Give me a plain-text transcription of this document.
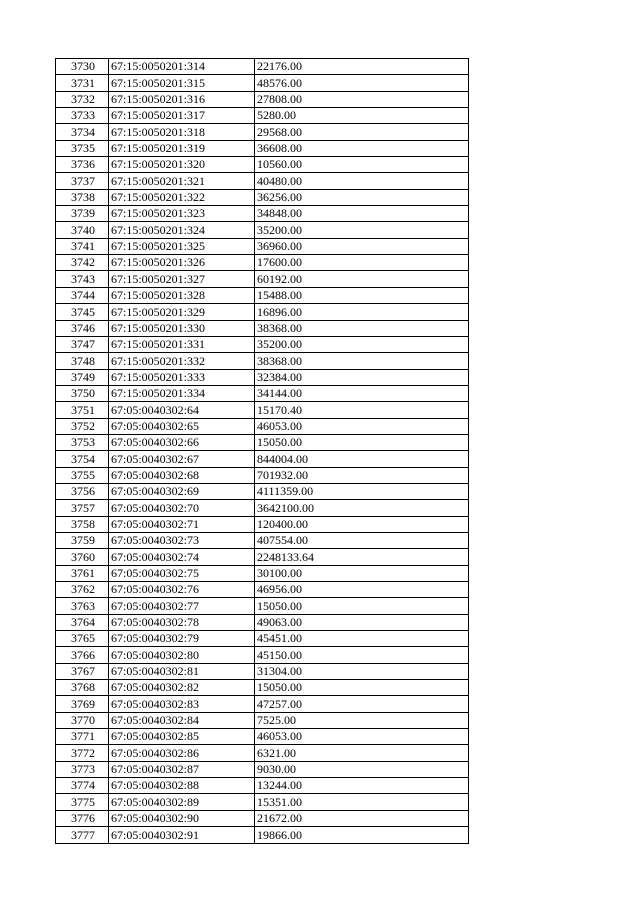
3730	67:15:0050201:314	22176.00
3731	67:15:0050201:315	48576.00
3732	67:15:0050201:316	27808.00
3733	67:15:0050201:317	5280.00
3734	67:15:0050201:318	29568.00
3735	67:15:0050201:319	36608.00
3736	67:15:0050201:320	10560.00
3737	67:15:0050201:321	40480.00
3738	67:15:0050201:322	36256.00
3739	67:15:0050201:323	34848.00
3740	67:15:0050201:324	35200.00
3741	67:15:0050201:325	36960.00
3742	67:15:0050201:326	17600.00
3743	67:15:0050201:327	60192.00
3744	67:15:0050201:328	15488.00
3745	67:15:0050201:329	16896.00
3746	67:15:0050201:330	38368.00
3747	67:15:0050201:331	35200.00
3748	67:15:0050201:332	38368.00
3749	67:15:0050201:333	32384.00
3750	67:15:0050201:334	34144.00
3751	67:05:0040302:64	15170.40
3752	67:05:0040302:65	46053.00
3753	67:05:0040302:66	15050.00
3754	67:05:0040302:67	844004.00
3755	67:05:0040302:68	701932.00
3756	67:05:0040302:69	4111359.00
3757	67:05:0040302:70	3642100.00
3758	67:05:0040302:71	120400.00
3759	67:05:0040302:73	407554.00
3760	67:05:0040302:74	2248133.64
3761	67:05:0040302:75	30100.00
3762	67:05:0040302:76	46956.00
3763	67:05:0040302:77	15050.00
3764	67:05:0040302:78	49063.00
3765	67:05:0040302:79	45451.00
3766	67:05:0040302:80	45150.00
3767	67:05:0040302:81	31304.00
3768	67:05:0040302:82	15050.00
3769	67:05:0040302:83	47257.00
3770	67:05:0040302:84	7525.00
3771	67:05:0040302:85	46053.00
3772	67:05:0040302:86	6321.00
3773	67:05:0040302:87	9030.00
3774	67:05:0040302:88	13244.00
3775	67:05:0040302:89	15351.00
3776	67:05:0040302:90	21672.00
3777	67:05:0040302:91	19866.00
